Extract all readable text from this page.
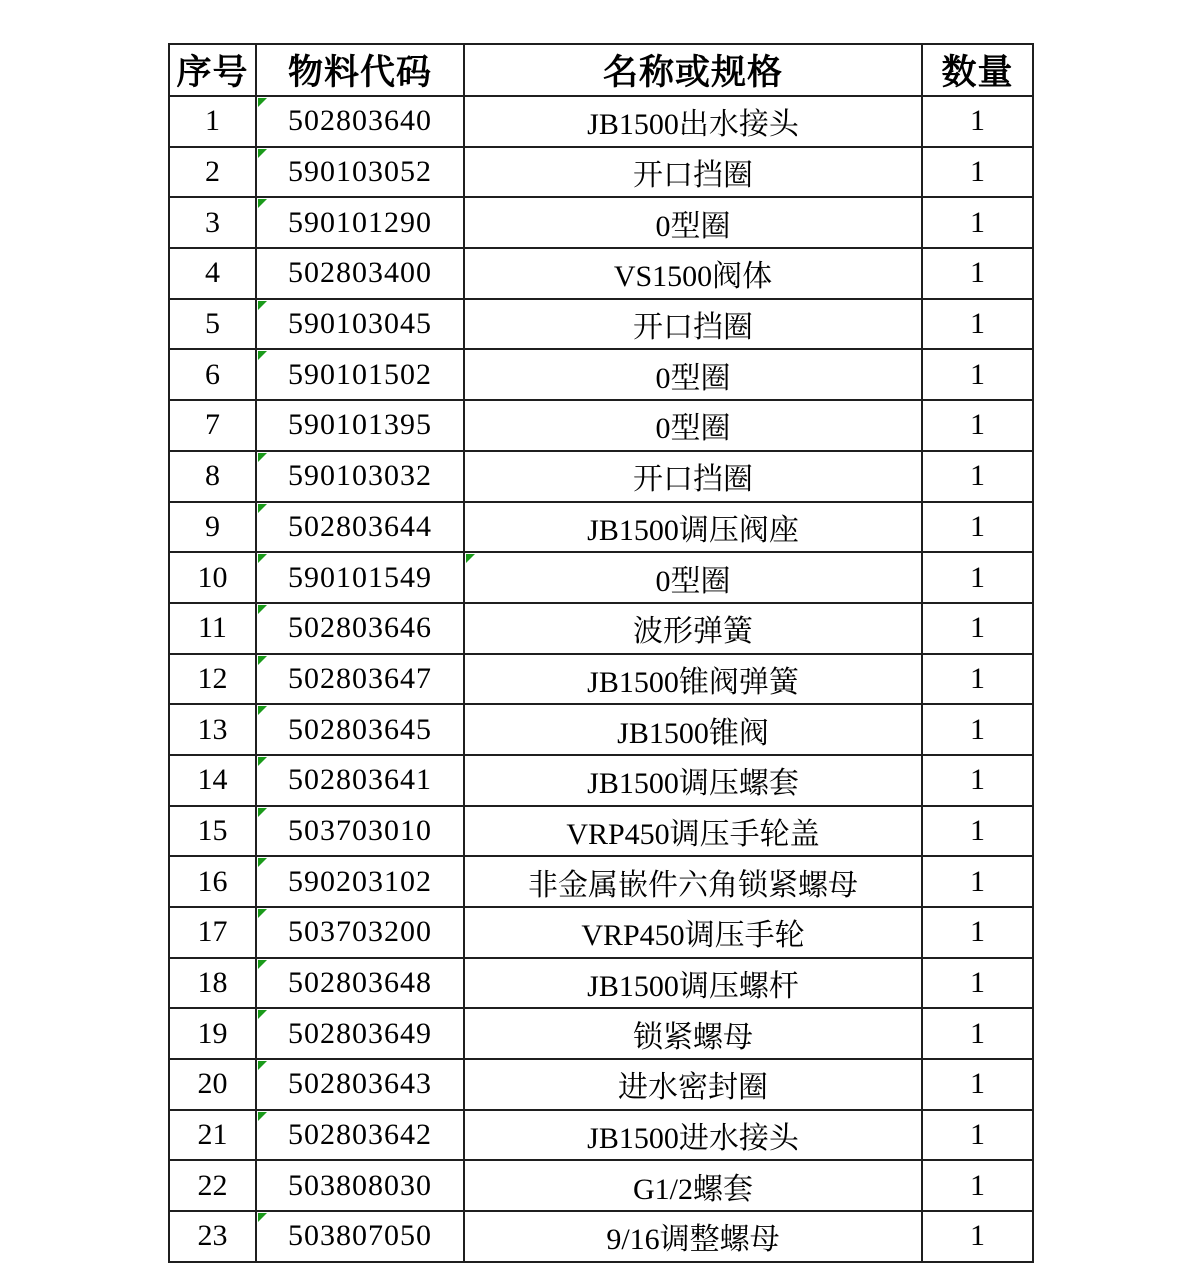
序号	物料代码	名称或规格	数量
1	502803640	JB1500出水接头	1
2	590103052	开口挡圈	1
3	590101290	0型圈	1
4	502803400	VS1500阀体	1
5	590103045	开口挡圈	1
6	590101502	0型圈	1
7	590101395	0型圈	1
8	590103032	开口挡圈	1
9	502803644	JB1500调压阀座	1
10	590101549	0型圈	1
11	502803646	波形弹簧	1
12	502803647	JB1500锥阀弹簧	1
13	502803645	JB1500锥阀	1
14	502803641	JB1500调压螺套	1
15	503703010	VRP450调压手轮盖	1
16	590203102	非金属嵌件六角锁紧螺母	1
17	503703200	VRP450调压手轮	1
18	502803648	JB1500调压螺杆	1
19	502803649	锁紧螺母	1
20	502803643	进水密封圈	1
21	502803642	JB1500进水接头	1
22	503808030	G1/2螺套	1
23	503807050	9/16调整螺母	1
